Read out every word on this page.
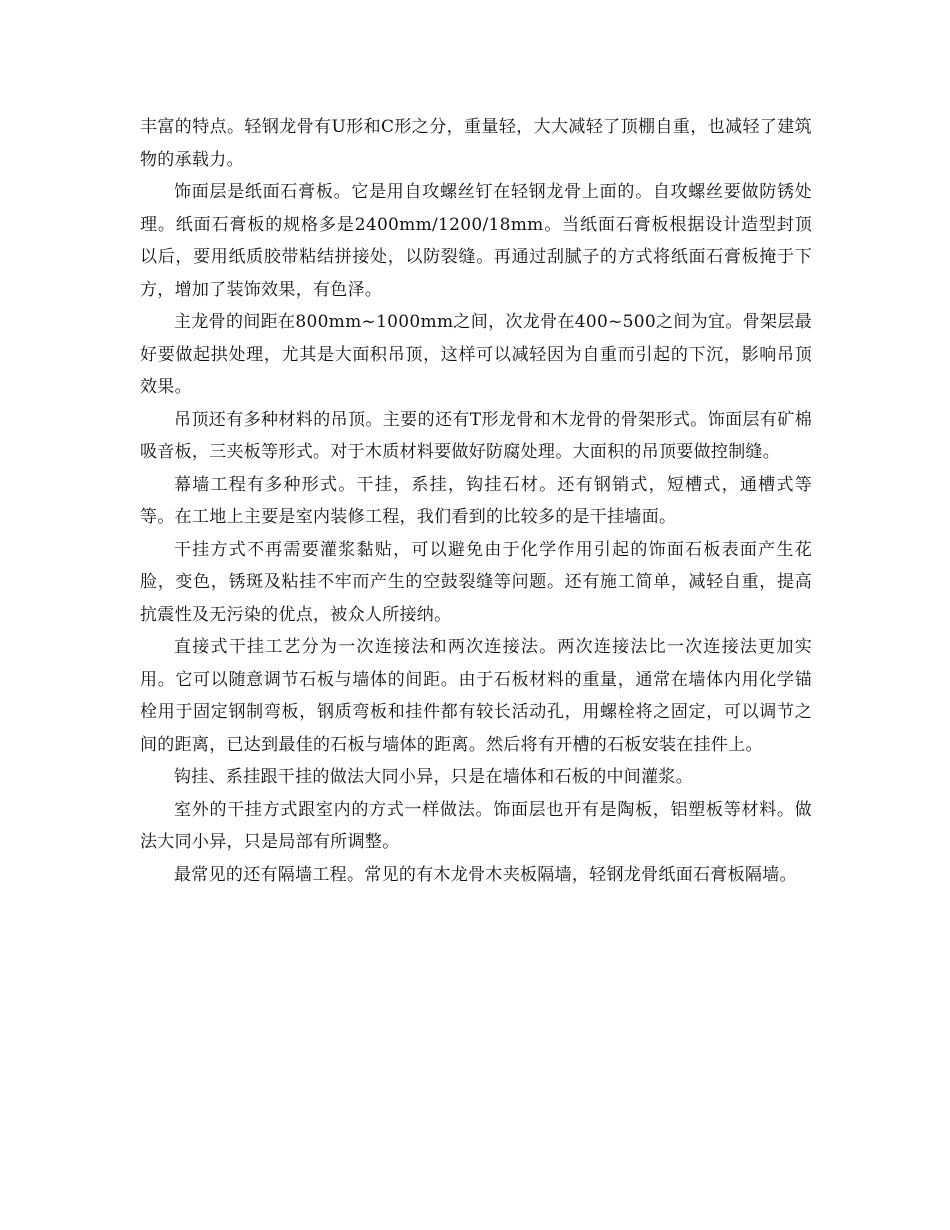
丰富的特点。轻钢龙骨有U形和C形之分，重量轻，大大减轻了顶棚自重，也减轻了建筑物的承载力。

饰面层是纸面石膏板。它是用自攻螺丝钉在轻钢龙骨上面的。自攻螺丝要做防锈处理。纸面石膏板的规格多是2400mm/1200/18mm。当纸面石膏板根据设计造型封顶以后，要用纸质胶带粘结拼接处，以防裂缝。再通过刮腻子的方式将纸面石膏板掩于下方，增加了装饰效果，有色泽。

主龙骨的间距在800mm~1000mm之间，次龙骨在400~500之间为宜。骨架层最好要做起拱处理，尤其是大面积吊顶，这样可以减轻因为自重而引起的下沉，影响吊顶效果。

吊顶还有多种材料的吊顶。主要的还有T形龙骨和木龙骨的骨架形式。饰面层有矿棉吸音板，三夹板等形式。对于木质材料要做好防腐处理。大面积的吊顶要做控制缝。

幕墙工程有多种形式。干挂，系挂，钩挂石材。还有钢销式，短槽式，通槽式等等。在工地上主要是室内装修工程，我们看到的比较多的是干挂墙面。

干挂方式不再需要灌浆黏贴，可以避免由于化学作用引起的饰面石板表面产生花脸，变色，锈斑及粘挂不牢而产生的空鼓裂缝等问题。还有施工简单，减轻自重，提高抗震性及无污染的优点，被众人所接纳。

直接式干挂工艺分为一次连接法和两次连接法。两次连接法比一次连接法更加实用。它可以随意调节石板与墙体的间距。由于石板材料的重量，通常在墙体内用化学锚栓用于固定钢制弯板，钢质弯板和挂件都有较长活动孔，用螺栓将之固定，可以调节之间的距离，已达到最佳的石板与墙体的距离。然后将有开槽的石板安装在挂件上。

钩挂、系挂跟干挂的做法大同小异，只是在墙体和石板的中间灌浆。

室外的干挂方式跟室内的方式一样做法。饰面层也开有是陶板，铝塑板等材料。做法大同小异，只是局部有所调整。

最常见的还有隔墙工程。常见的有木龙骨木夹板隔墙，轻钢龙骨纸面石膏板隔墙。
